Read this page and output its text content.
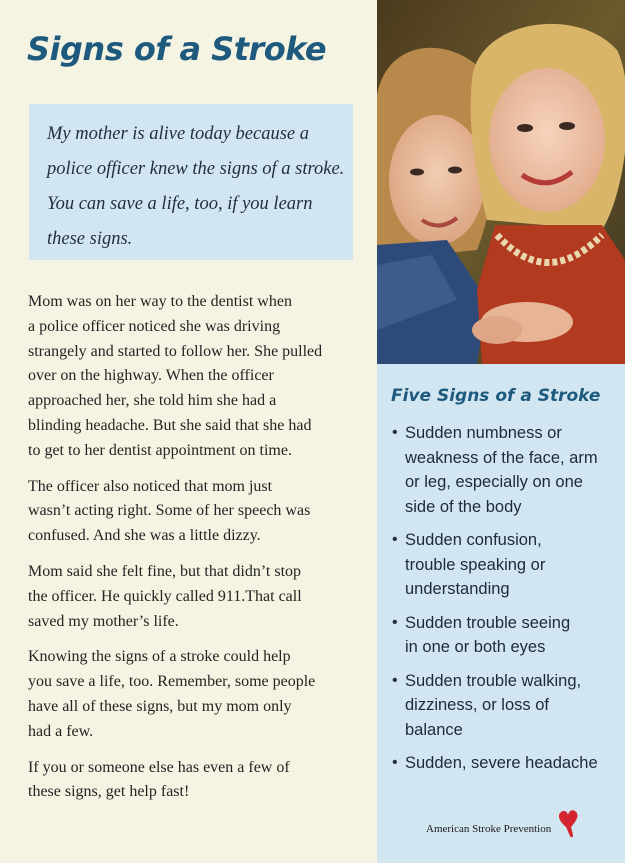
Signs of a Stroke
My mother is alive today because a
police officer knew the signs of a stroke.
You can save a life, too, if you learn
these signs.

Mom was on her way to the dentist when
a police officer noticed she was driving
strangely and started to follow her. She pulled
over on the highway. When the officer
approached her, she told him she had a
blinding headache. But she said that she had
to get to her dentist appointment on time.

The officer also noticed that mom just
wasn’t acting right. Some of her speech was
confused. And she was a little dizzy.

Mom said she felt fine, but that didn’t stop
the officer. He quickly called 911.That call
saved my mother’s life.

Knowing the signs of a stroke could help
you save a life, too. Remember, some people
have all of these signs, but my mom only
had a few.

If you or someone else has even a few of
these signs, get help fast!

Five Signs of a Stroke
• Sudden numbness or
weakness of the face, arm
or leg, especially on one
side of the body
• Sudden confusion,
trouble speaking or
understanding
• Sudden trouble seeing
in one or both eyes
• Sudden trouble walking,
dizziness, or loss of
balance
• Sudden, severe headache
American Stroke Prevention
